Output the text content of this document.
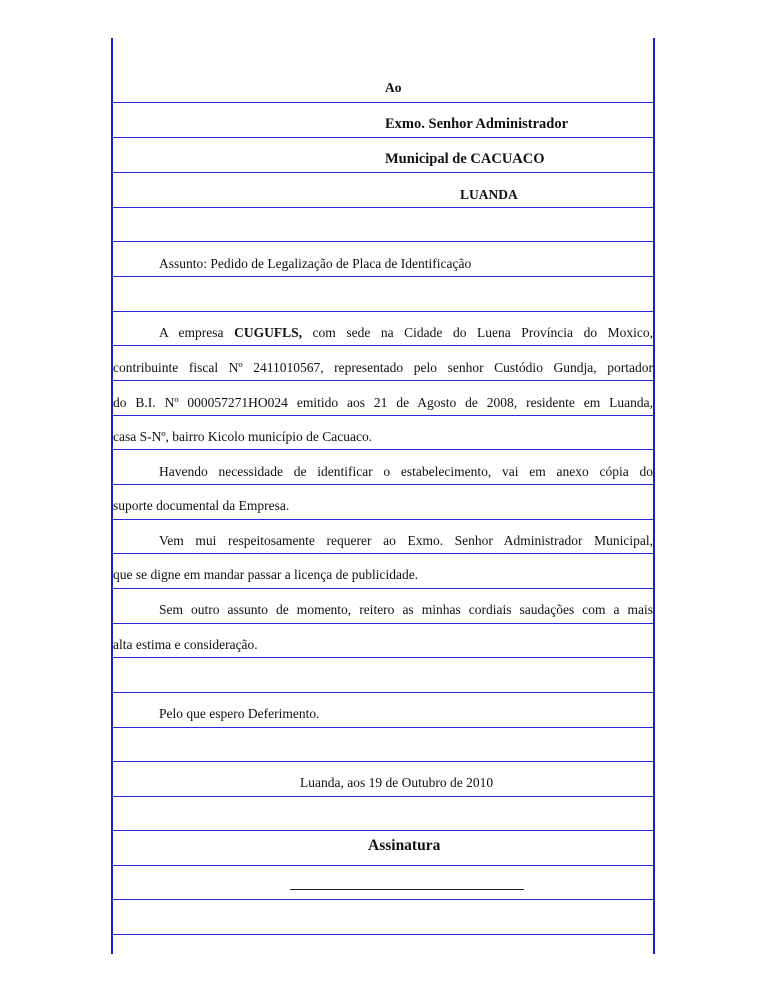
Ao
Exmo. Senhor Administrador
Municipal de CACUACO
LUANDA
Assunto: Pedido de Legalização de Placa de Identificação
A empresa CUGUFLS, com sede na Cidade do Luena Província do Moxico,
contribuinte fiscal Nº 2411010567, representado pelo senhor Custódio Gundja, portador
do B.I. Nº 000057271HO024 emitido aos 21 de Agosto de 2008, residente em Luanda,
casa S-Nº, bairro Kicolo município de Cacuaco.
Havendo necessidade de identificar o estabelecimento, vai em anexo cópia do
suporte documental da Empresa.
Vem mui respeitosamente requerer ao Exmo. Senhor Administrador Municipal,
que se digne em mandar passar a licença de publicidade.
Sem outro assunto de momento, reitero as minhas cordiais saudações com a mais
alta estima e consideração.
Pelo que espero Deferimento.
Luanda, aos 19 de Outubro de 2010
Assinatura
